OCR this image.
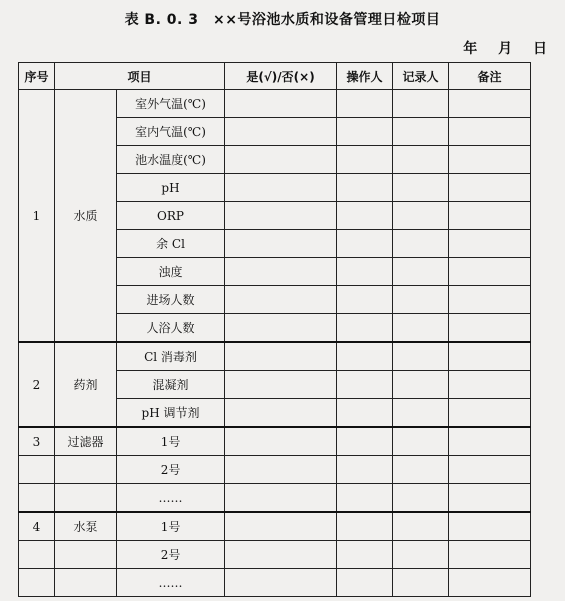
表 B. 0. 3　××号浴池水质和设备管理日检项目
年 月 日
序号	项目		是(√)/否(×)	操作人	记录人	备注
1	水质	室外气温(℃)				
		室内气温(℃)				
		池水温度(℃)				
		pH				
		ORP				
		余 Cl				
		浊度				
		进场人数				
		人浴人数				
2	药剂	Cl 消毒剂				
		混凝剂				
		pH 调节剂				
3	过滤器	1号				
		2号				
		……				
4	水泵	1号				
		2号				
		……				
